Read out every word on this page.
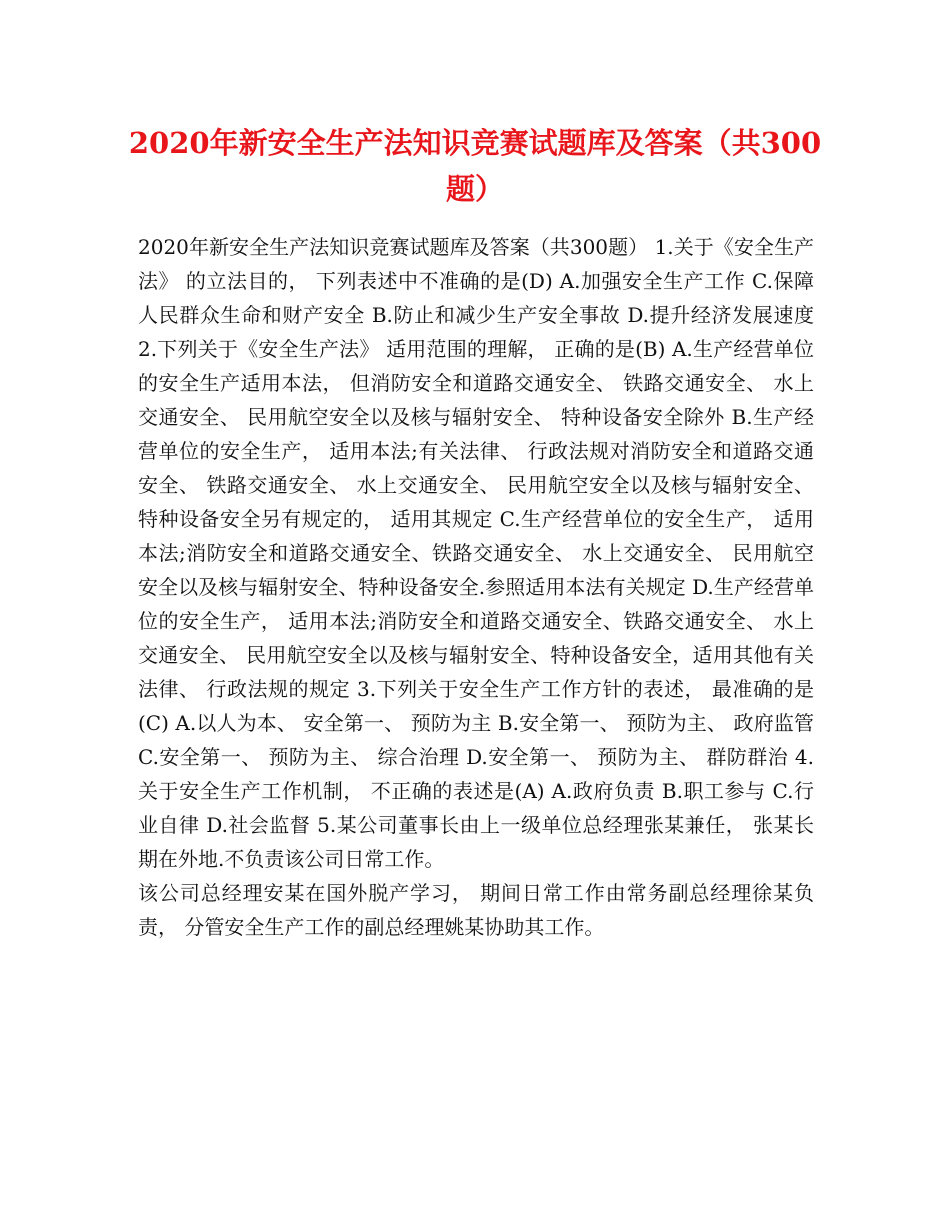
2020年新安全生产法知识竞赛试题库及答案（共300题）

2020年新安全生产法知识竞赛试题库及答案（共300题） 1.关于《安全生产法》 的立法目的， 下列表述中不准确的是(D) A.加强安全生产工作 C.保障人民群众生命和财产安全 B.防止和减少生产安全事故 D.提升经济发展速度 2.下列关于《安全生产法》 适用范围的理解， 正确的是(B) A.生产经营单位的安全生产适用本法， 但消防安全和道路交通安全、 铁路交通安全、 水上交通安全、 民用航空安全以及核与辐射安全、 特种设备安全除外 B.生产经营单位的安全生产， 适用本法;有关法律、 行政法规对消防安全和道路交通安全、 铁路交通安全、 水上交通安全、 民用航空安全以及核与辐射安全、 特种设备安全另有规定的， 适用其规定 C.生产经营单位的安全生产， 适用本法;消防安全和道路交通安全、铁路交通安全、 水上交通安全、 民用航空安全以及核与辐射安全、特种设备安全.参照适用本法有关规定 D.生产经营单位的安全生产， 适用本法;消防安全和道路交通安全、铁路交通安全、 水上交通安全、 民用航空安全以及核与辐射安全、特种设备安全，适用其他有关法律、 行政法规的规定 3.下列关于安全生产工作方针的表述， 最准确的是(C) A.以人为本、 安全第一、 预防为主 B.安全第一、 预防为主、 政府监管 C.安全第一、 预防为主、 综合治理 D.安全第一、 预防为主、 群防群治 4.关于安全生产工作机制， 不正确的表述是(A) A.政府负责 B.职工参与 C.行业自律 D.社会监督 5.某公司董事长由上一级单位总经理张某兼任， 张某长期在外地.不负责该公司日常工作。

该公司总经理安某在国外脱产学习， 期间日常工作由常务副总经理徐某负责， 分管安全生产工作的副总经理姚某协助其工作。
